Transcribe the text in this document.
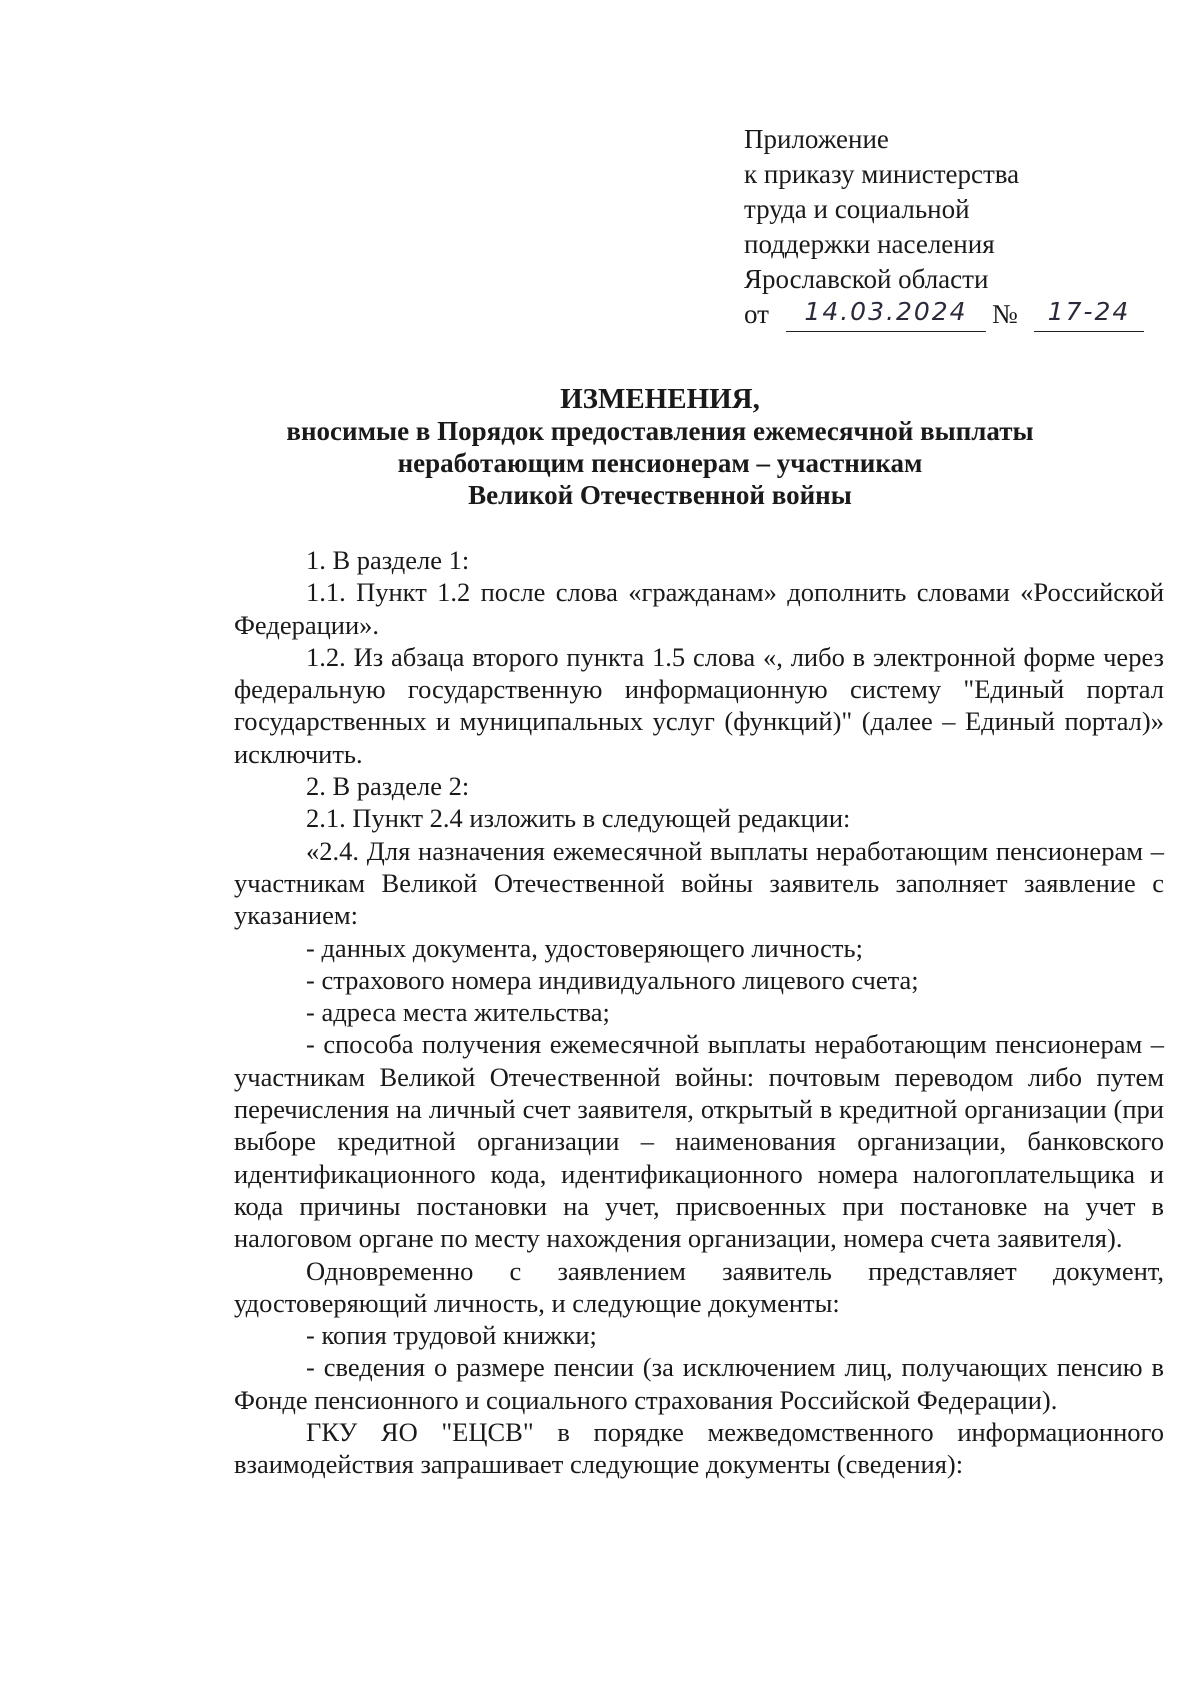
Приложение
к приказу министерства
труда и социальной
поддержки населения
Ярославской области
от	14.03.2024 №	17-24
ИЗМЕНЕНИЯ,
вносимые в Порядок предоставления ежемесячной выплаты
неработающим пенсионерам – участникам
Великой Отечественной войны

1. В разделе 1:

1.1. Пункт 1.2 после слова «гражданам» дополнить словами «Российской Федерации».

1.2. Из абзаца второго пункта 1.5 слова «, либо в электронной форме через федеральную государственную информационную систему "Единый портал государственных и муниципальных услуг (функций)" (далее – Единый портал)» исключить.

2. В разделе 2:

2.1. Пункт 2.4 изложить в следующей редакции:

«2.4. Для назначения ежемесячной выплаты неработающим пенсионерам – участникам Великой Отечественной войны заявитель заполняет заявление с указанием:

- данных документа, удостоверяющего личность;

- страхового номера индивидуального лицевого счета;

- адреса места жительства;

- способа получения ежемесячной выплаты неработающим пенсионерам – участникам Великой Отечественной войны: почтовым переводом либо путем перечисления на личный счет заявителя, открытый в кредитной организации (при выборе кредитной организации – наименования организации, банковского идентификационного кода, идентификационного номера налогоплательщика и кода причины постановки на учет, присвоенных при постановке на учет в налоговом органе по месту нахождения организации, номера счета заявителя).

Одновременно с заявлением заявитель представляет документ, удостоверяющий личность, и следующие документы:

- копия трудовой книжки;

- сведения о размере пенсии (за исключением лиц, получающих пенсию в Фонде пенсионного и социального страхования Российской Федерации).

ГКУ ЯО "ЕЦСВ" в порядке межведомственного информационного взаимодействия запрашивает следующие документы (сведения):
